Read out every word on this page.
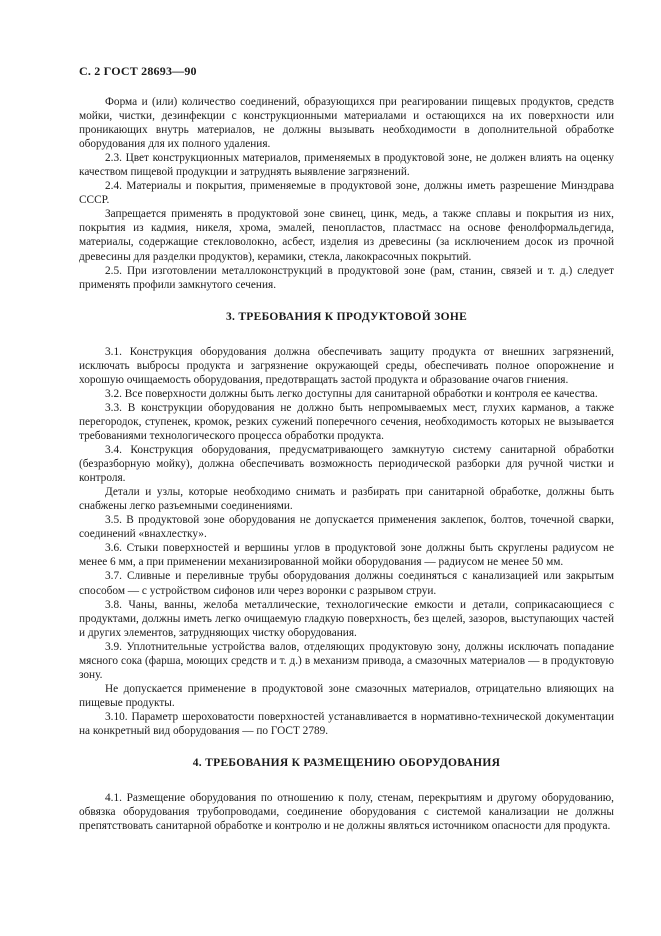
С. 2 ГОСТ 28693—90

Форма и (или) количество соединений, образующихся при реагировании пищевых продуктов, средств мойки, чистки, дезинфекции с конструкционными материалами и остающихся на их поверхности или проникающих внутрь материалов, не должны вызывать необходимости в дополнительной обработке оборудования для их полного удаления.

2.3. Цвет конструкционных материалов, применяемых в продуктовой зоне, не должен влиять на оценку качеством пищевой продукции и затруднять выявление загрязнений.

2.4. Материалы и покрытия, применяемые в продуктовой зоне, должны иметь разрешение Минздрава СССР.

Запрещается применять в продуктовой зоне свинец, цинк, медь, а также сплавы и покрытия из них, покрытия из кадмия, никеля, хрома, эмалей, пенопластов, пластмасс на основе фенолформальдегида, материалы, содержащие стекловолокно, асбест, изделия из древесины (за исключением досок из прочной древесины для разделки продуктов), керамики, стекла, лакокрасочных покрытий.

2.5. При изготовлении металлоконструкций в продуктовой зоне (рам, станин, связей и т. д.) следует применять профили замкнутого сечения.

3. ТРЕБОВАНИЯ К ПРОДУКТОВОЙ ЗОНЕ

3.1. Конструкция оборудования должна обеспечивать защиту продукта от внешних загрязнений, исключать выбросы продукта и загрязнение окружающей среды, обеспечивать полное опорожнение и хорошую очищаемость оборудования, предотвращать застой продукта и образование очагов гниения.

3.2. Все поверхности должны быть легко доступны для санитарной обработки и контроля ее качества.

3.3. В конструкции оборудования не должно быть непромываемых мест, глухих карманов, а также перегородок, ступенек, кромок, резких сужений поперечного сечения, необходимость которых не вызывается требованиями технологического процесса обработки продукта.

3.4. Конструкция оборудования, предусматривающего замкнутую систему санитарной обработки (безразборную мойку), должна обеспечивать возможность периодической разборки для ручной чистки и контроля.

Детали и узлы, которые необходимо снимать и разбирать при санитарной обработке, должны быть снабжены легко разъемными соединениями.

3.5. В продуктовой зоне оборудования не допускается применения заклепок, болтов, точечной сварки, соединений «внахлестку».

3.6. Стыки поверхностей и вершины углов в продуктовой зоне должны быть скруглены радиусом не менее 6 мм, а при применении механизированной мойки оборудования — радиусом не менее 50 мм.

3.7. Сливные и переливные трубы оборудования должны соединяться с канализацией или закрытым способом — с устройством сифонов или через воронки с разрывом струи.

3.8. Чаны, ванны, желоба металлические, технологические емкости и детали, соприкасающиеся с продуктами, должны иметь легко очищаемую гладкую поверхность, без щелей, зазоров, выступающих частей и других элементов, затрудняющих чистку оборудования.

3.9. Уплотнительные устройства валов, отделяющих продуктовую зону, должны исключать попадание мясного сока (фарша, моющих средств и т. д.) в механизм привода, а смазочных материалов — в продуктовую зону.

Не допускается применение в продуктовой зоне смазочных материалов, отрицательно влияющих на пищевые продукты.

3.10. Параметр шероховатости поверхностей устанавливается в нормативно-технической документации на конкретный вид оборудования — по ГОСТ 2789.

4. ТРЕБОВАНИЯ К РАЗМЕЩЕНИЮ ОБОРУДОВАНИЯ

4.1. Размещение оборудования по отношению к полу, стенам, перекрытиям и другому оборудованию, обвязка оборудования трубопроводами, соединение оборудования с системой канализации не должны препятствовать санитарной обработке и контролю и не должны являться источником опасности для продукта.
